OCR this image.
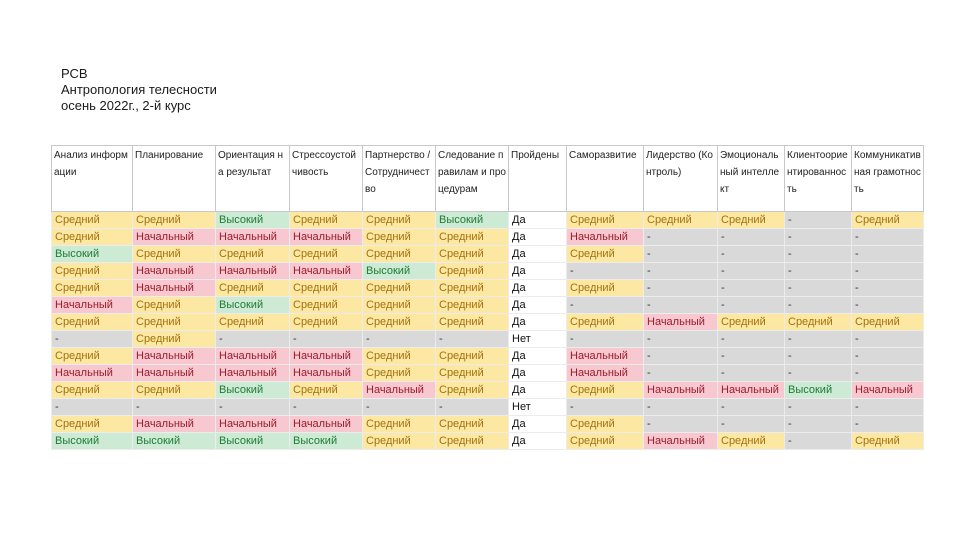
РСВ
Антропология телесности
осень 2022г., 2-й курс
Анализ информации	Планирование	Ориентация на результат	Стрессоустойчивость	Партнерство / Сотрудничество	Следование правилам и процедурам	Пройдены	Саморазвитие	Лидерство (Контроль)	Эмоциональный интеллект	Клиентоориентированность	Коммуникативная грамотность
Средний	Средний	Высокий	Средний	Средний	Высокий	Да	Средний	Средний	Средний	-	Средний
Средний	Начальный	Начальный	Начальный	Средний	Средний	Да	Начальный	-	-	-	-
Высокий	Средний	Средний	Средний	Средний	Средний	Да	Средний	-	-	-	-
Средний	Начальный	Начальный	Начальный	Высокий	Средний	Да	-	-	-	-	-
Средний	Начальный	Средний	Средний	Средний	Средний	Да	Средний	-	-	-	-
Начальный	Средний	Высокий	Средний	Средний	Средний	Да	-	-	-	-	-
Средний	Средний	Средний	Средний	Средний	Средний	Да	Средний	Начальный	Средний	Средний	Средний
-	Средний	-	-	-	-	Нет	-	-	-	-	-
Средний	Начальный	Начальный	Начальный	Средний	Средний	Да	Начальный	-	-	-	-
Начальный	Начальный	Начальный	Начальный	Средний	Средний	Да	Начальный	-	-	-	-
Средний	Средний	Высокий	Средний	Начальный	Средний	Да	Средний	Начальный	Начальный	Высокий	Начальный
-	-	-	-	-	-	Нет	-	-	-	-	-
Средний	Начальный	Начальный	Начальный	Средний	Средний	Да	Средний	-	-	-	-
Высокий	Высокий	Высокий	Высокий	Средний	Средний	Да	Средний	Начальный	Средний	-	Средний
